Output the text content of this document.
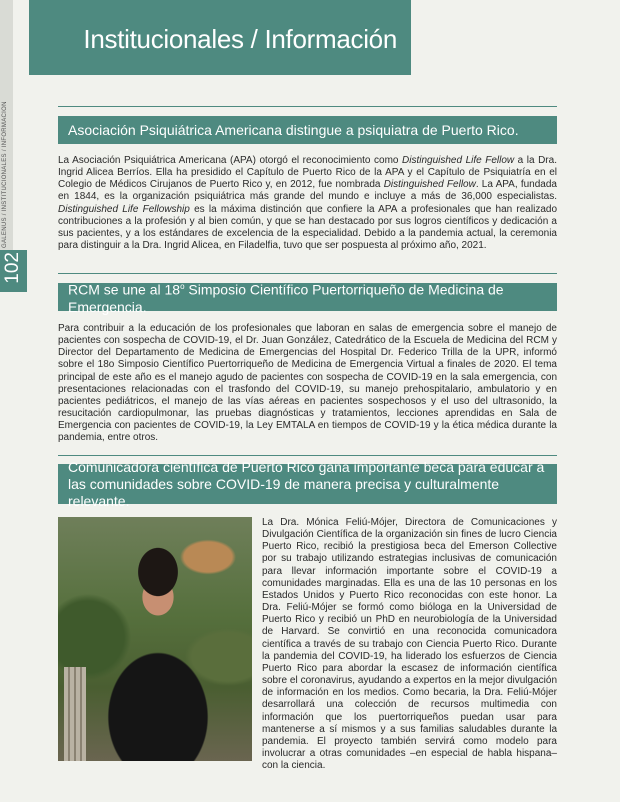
GALENUS / INSTITUCIONALES / INFORMACIÓN
102
Institucionales / Información
Asociación Psiquiátrica Americana distingue a psiquiatra de Puerto Rico.

La Asociación Psiquiátrica Americana (APA) otorgó el reconocimiento como Distinguished Life Fellow a la Dra. Ingrid Alicea Berríos. Ella ha presidido el Capítulo de Puerto Rico de la APA y el Capítulo de Psiquiatría en el Colegio de Médicos Cirujanos de Puerto Rico y, en 2012, fue nombrada Distinguished Fellow. La APA, fundada en 1844, es la organización psiquiátrica más grande del mundo e incluye a más de 36,000 especialistas. Distinguished Life Fellowship es la máxima distinción que confiere la APA a profesionales que han realizado contribuciones a la profesión y al bien común, y que se han destacado por sus logros científicos y dedicación a sus pacientes, y a los estándares de excelencia de la especialidad. Debido a la pandemia actual, la ceremonia para distinguir a la Dra. Ingrid Alicea, en Filadelfia, tuvo que ser pospuesta al próximo año, 2021.

RCM se une al 18$^o$ Simposio Científico Puertorriqueño de Medicina de Emergencia.

Para contribuir a la educación de los profesionales que laboran en salas de emergencia sobre el manejo de pacientes con sospecha de COVID-19, el Dr. Juan González, Catedrático de la Escuela de Medicina del RCM y Director del Departamento de Medicina de Emergencias del Hospital Dr. Federico Trilla de la UPR, informó sobre el 18o Simposio Científico Puertorriqueño de Medicina de Emergencia Virtual a finales de 2020. El tema principal de este año es el manejo agudo de pacientes con sospecha de COVID-19 en la sala emergencia, con presentaciones relacionadas con el trasfondo del COVID-19, su manejo prehospitalario, ambulatorio y en pacientes pediátricos, el manejo de las vías aéreas en pacientes sospechosos y el uso del ultrasonido, la resucitación cardiopulmonar, las pruebas diagnósticas y tratamientos, lecciones aprendidas en Sala de Emergencia con pacientes de COVID-19, la Ley EMTALA en tiempos de COVID-19 y la ética médica durante la pandemia, entre otros.

Comunicadora científica de Puerto Rico gana importante beca para educar a las comunidades sobre COVID-19 de manera precisa y culturalmente relevante.

La Dra. Mónica Feliú-Mójer, Directora de Comunicaciones y Divulgación Científica de la organización sin fines de lucro Ciencia Puerto Rico, recibió la prestigiosa beca del Emerson Collective por su trabajo utilizando estrategias inclusivas de comunicación para llevar información importante sobre el COVID-19 a comunidades marginadas. Ella es una de las 10 personas en los Estados Unidos y Puerto Rico reconocidas con este honor. La Dra. Feliú-Mójer se formó como bióloga en la Universidad de Puerto Rico y recibió un PhD en neurobiología de la Universidad de Harvard. Se convirtió en una reconocida comunicadora científica a través de su trabajo con Ciencia Puerto Rico. Durante la pandemia del COVID-19, ha liderado los esfuerzos de Ciencia Puerto Rico para abordar la escasez de información científica sobre el coronavirus, ayudando a expertos en la mejor divulgación de información en los medios. Como becaria, la Dra. Feliú-Mójer desarrollará una colección de recursos multimedia con información que los puertorriqueños puedan usar para mantenerse a sí mismos y a sus familias saludables durante la pandemia. El proyecto también servirá como modelo para involucrar a otras comunidades –en especial de habla hispana– con la ciencia.
